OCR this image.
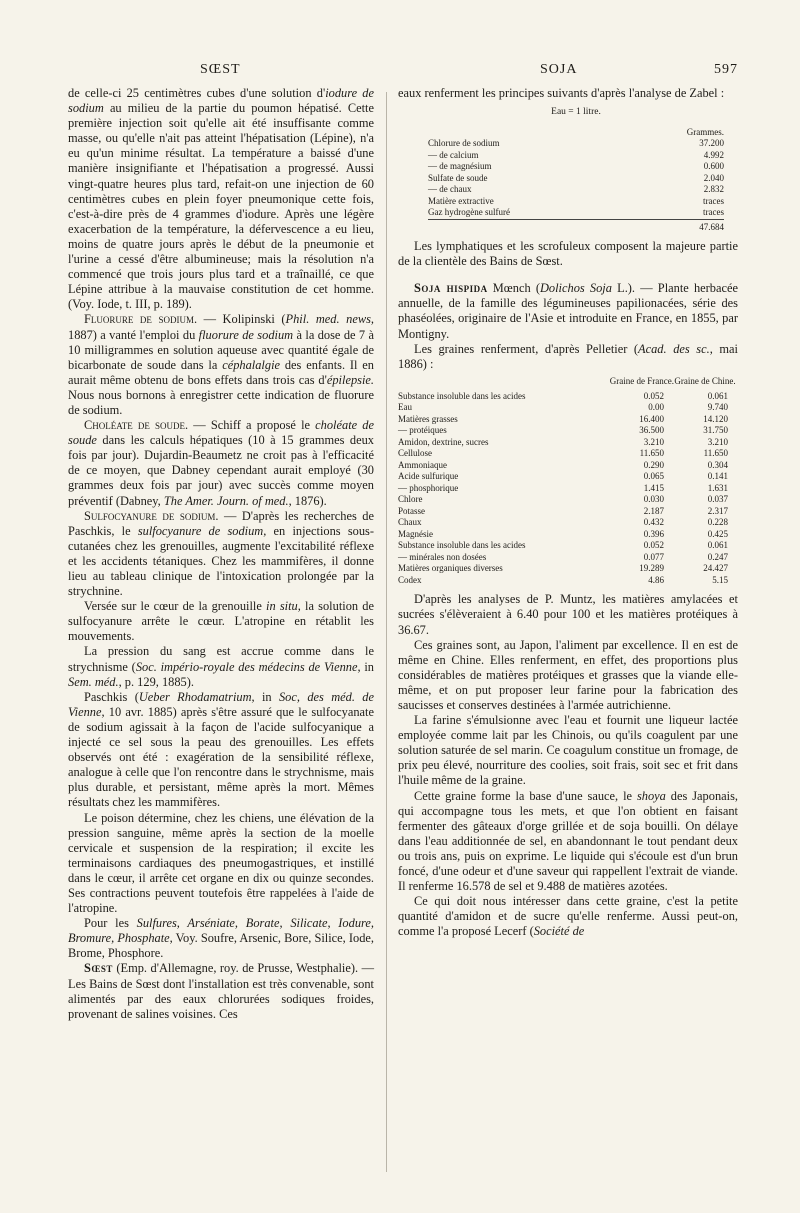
SŒST	SOJA	597

de celle-ci 25 centimètres cubes d'une solution d'iodure de sodium au milieu de la partie du poumon hépatisé. Cette première injection soit qu'elle ait été insuffisante comme masse, ou qu'elle n'ait pas atteint l'hépatisation (Lépine), n'a eu qu'un minime résultat. La température a baissé d'une manière insignifiante et l'hépatisation a progressé. Aussi vingt-quatre heures plus tard, refait-on une injection de 60 centimètres cubes en plein foyer pneumonique cette fois, c'est-à-dire près de 4 grammes d'iodure. Après une légère exacerbation de la température, la défervescence a eu lieu, moins de quatre jours après le début de la pneumonie et l'urine a cessé d'être albumineuse; mais la résolution n'a commencé que trois jours plus tard et a traînaillé, ce que Lépine attribue à la mauvaise constitution de cet homme. (Voy. Iode, t. III, p. 189).

Fluorure de sodium. — Kolipinski (Phil. med. news, 1887) a vanté l'emploi du fluorure de sodium à la dose de 7 à 10 milligrammes en solution aqueuse avec quantité égale de bicarbonate de soude dans la céphalalgie des enfants. Il en aurait même obtenu de bons effets dans trois cas d'épilepsie. Nous nous bornons à enregistrer cette indication de fluorure de sodium.

Choléate de soude. — Schiff a proposé le choléate de soude dans les calculs hépatiques (10 à 15 grammes deux fois par jour). Dujardin-Beaumetz ne croit pas à l'efficacité de ce moyen, que Dabney cependant aurait employé (30 grammes deux fois par jour) avec succès comme moyen préventif (Dabney, The Amer. Journ. of med., 1876).

Sulfocyanure de sodium. — D'après les recherches de Paschkis, le sulfocyanure de sodium, en injections sous-cutanées chez les grenouilles, augmente l'excitabilité réflexe et les accidents tétaniques. Chez les mammifères, il donne lieu au tableau clinique de l'intoxication prolongée par la strychnine.

Versée sur le cœur de la grenouille in situ, la solution de sulfocyanure arrête le cœur. L'atropine en rétablit les mouvements.

La pression du sang est accrue comme dans le strychnisme (Soc. império-royale des médecins de Vienne, in Sem. méd., p. 129, 1885).

Paschkis (Ueber Rhodamatrium, in Soc, des méd. de Vienne, 10 avr. 1885) après s'être assuré que le sulfocyanate de sodium agissait à la façon de l'acide sulfocyanique a injecté ce sel sous la peau des grenouilles. Les effets observés ont été : exagération de la sensibilité réflexe, analogue à celle que l'on rencontre dans le strychnisme, mais plus durable, et persistant, même après la mort. Mêmes résultats chez les mammifères.

Le poison détermine, chez les chiens, une élévation de la pression sanguine, même après la section de la moelle cervicale et suspension de la respiration; il excite les terminaisons cardiaques des pneumogastriques, et instillé dans le cœur, il arrête cet organe en dix ou quinze secondes. Ses contractions peuvent toutefois être rappelées à l'aide de l'atropine.

Pour les Sulfures, Arséniate, Borate, Silicate, Iodure, Bromure, Phosphate, Voy. Soufre, Arsenic, Bore, Silice, Iode, Brome, Phosphore.

Sœst (Emp. d'Allemagne, roy. de Prusse, Westphalie). — Les Bains de Sœst dont l'installation est très convenable, sont alimentés par des eaux chlorurées sodiques froides, provenant de salines voisines. Ces

eaux renferment les principes suivants d'après l'analyse de Zabel :

Eau = 1 litre.
	Grammes.
Chlorure de sodium	37.200
— de calcium	4.992
— de magnésium	0.600
Sulfate de soude	2.040
— de chaux	2.832
Matière extractive	traces
Gaz hydrogène sulfuré	traces
	47.684

Les lymphatiques et les scrofuleux composent la majeure partie de la clientèle des Bains de Sœst.

Soja hispida Mœnch (Dolichos Soja L.). — Plante herbacée annuelle, de la famille des légumineuses papilionacées, série des phaséolées, originaire de l'Asie et introduite en France, en 1855, par Montigny.

Les graines renferment, d'après Pelletier (Acad. des sc., mai 1886) :

	Graine de France.	Graine de Chine.
Substance insoluble dans les acides	0.052	0.061
Eau	0.00	9.740
Matières grasses	16.400	14.120
— protéiques	36.500	31.750
Amidon, dextrine, sucres	3.210	3.210
Cellulose	11.650	11.650
Ammoniaque	0.290	0.304
Acide sulfurique	0.065	0.141
— phosphorique	1.415	1.631
Chlore	0.030	0.037
Potasse	2.187	2.317
Chaux	0.432	0.228
Magnésie	0.396	0.425
Substance insoluble dans les acides	0.052	0.061
— minérales non dosées	0.077	0.247
Matières organiques diverses	19.289	24.427
Codex	4.86	5.15

D'après les analyses de P. Muntz, les matières amylacées et sucrées s'élèveraient à 6.40 pour 100 et les matières protéiques à 36.67.

Ces graines sont, au Japon, l'aliment par excellence. Il en est de même en Chine. Elles renferment, en effet, des proportions plus considérables de matières protéiques et grasses que la viande elle-même, et on put proposer leur farine pour la fabrication des saucisses et conserves destinées à l'armée autrichienne.

La farine s'émulsionne avec l'eau et fournit une liqueur lactée employée comme lait par les Chinois, ou qu'ils coagulent par une solution saturée de sel marin. Ce coagulum constitue un fromage, de prix peu élevé, nourriture des coolies, soit frais, soit sec et frit dans l'huile même de la graine.

Cette graine forme la base d'une sauce, le shoya des Japonais, qui accompagne tous les mets, et que l'on obtient en faisant fermenter des gâteaux d'orge grillée et de soja bouilli. On délaye dans l'eau additionnée de sel, en abandonnant le tout pendant deux ou trois ans, puis on exprime. Le liquide qui s'écoule est d'un brun foncé, d'une odeur et d'une saveur qui rappellent l'extrait de viande. Il renferme 16.578 de sel et 9.488 de matières azotées.

Ce qui doit nous intéresser dans cette graine, c'est la petite quantité d'amidon et de sucre qu'elle renferme. Aussi peut-on, comme l'a proposé Lecerf (Société de
